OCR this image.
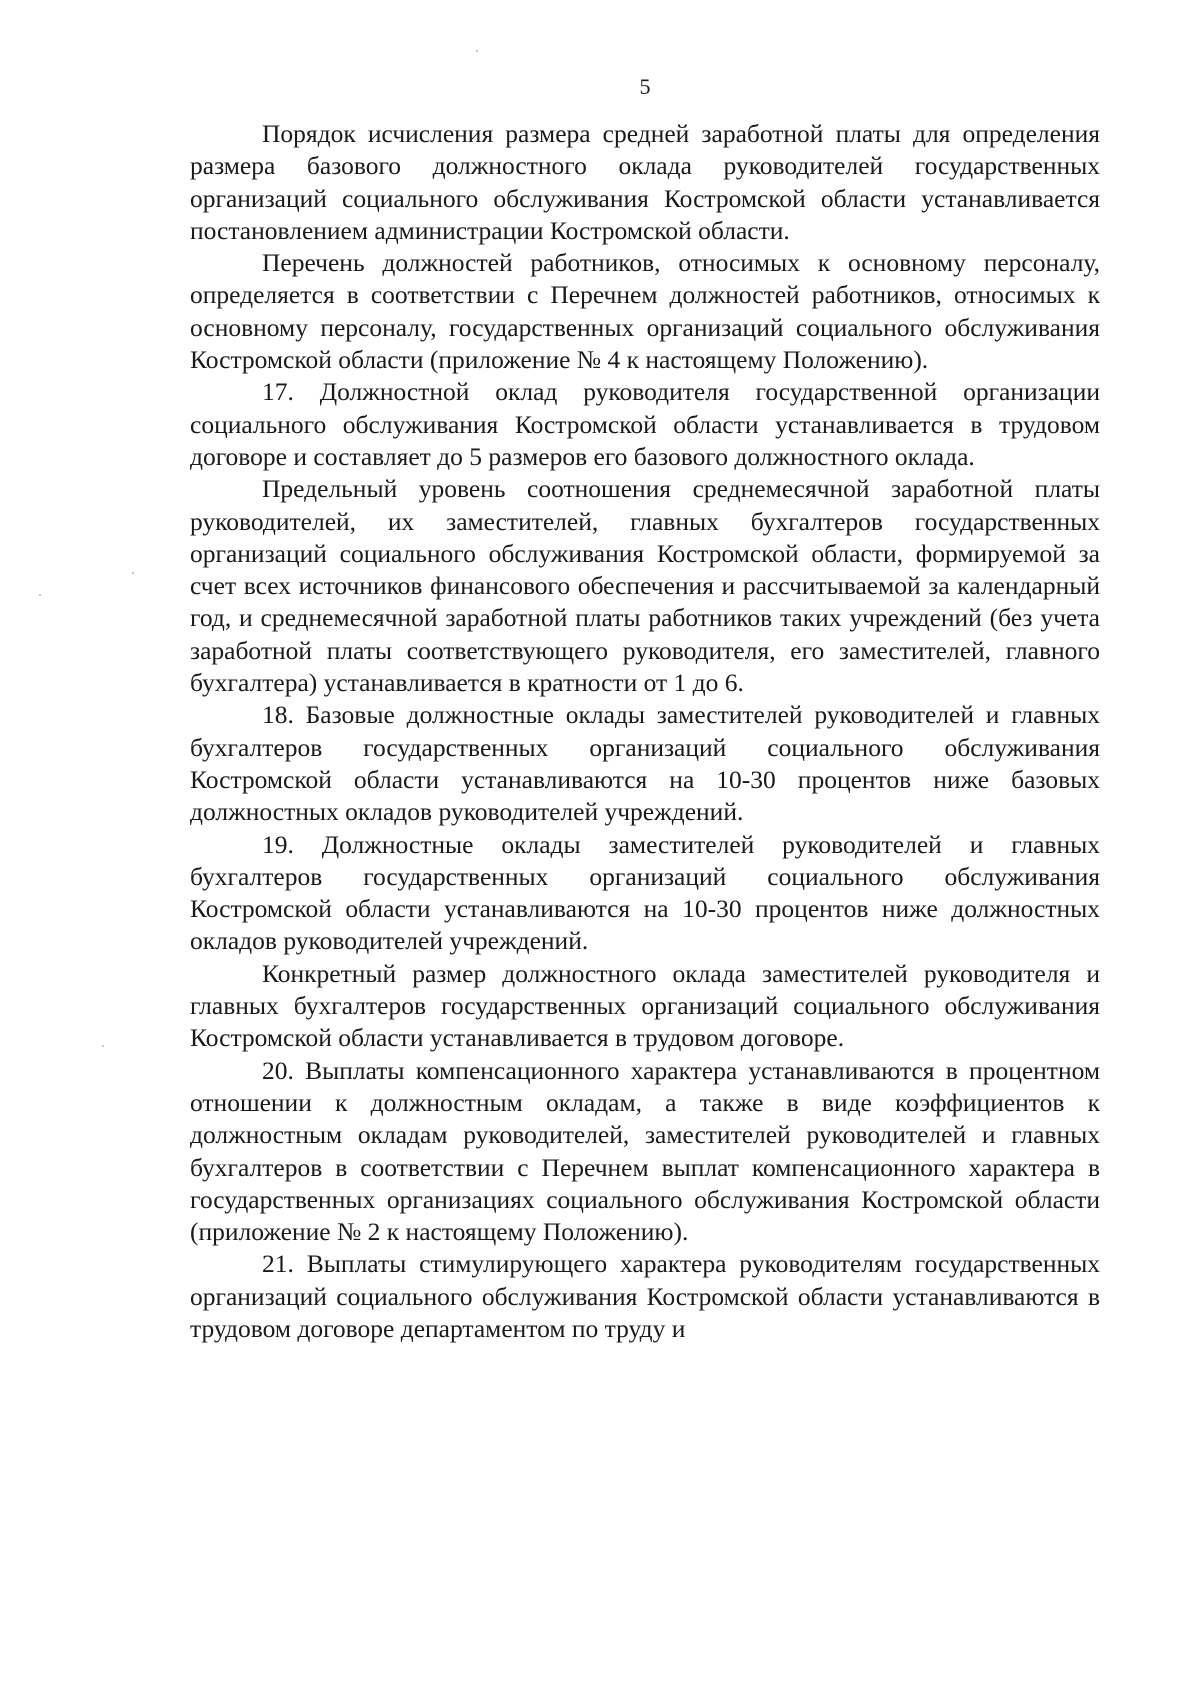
5

Порядок исчисления размера средней заработной платы для определения размера базового должностного оклада руководителей государственных организаций социального обслуживания Костромской области устанавливается постановлением администрации Костромской области.

Перечень должностей работников, относимых к основному персоналу, определяется в соответствии с Перечнем должностей работников, относимых к основному персоналу, государственных организаций социального обслуживания Костромской области (приложение № 4 к настоящему Положению).

17. Должностной оклад руководителя государственной организации социального обслуживания Костромской области устанавливается в трудовом договоре и составляет до 5 размеров его базового должностного оклада.

Предельный уровень соотношения среднемесячной заработной платы руководителей, их заместителей, главных бухгалтеров государственных организаций социального обслуживания Костромской области, формируемой за счет всех источников финансового обеспечения и рассчитываемой за календарный год, и среднемесячной заработной платы работников таких учреждений (без учета заработной платы соответствующего руководителя, его заместителей, главного бухгалтера) устанавливается в кратности от 1 до 6.

18. Базовые должностные оклады заместителей руководителей и главных бухгалтеров государственных организаций социального обслуживания Костромской области устанавливаются на 10-30 процентов ниже базовых должностных окладов руководителей учреждений.

19. Должностные оклады заместителей руководителей и главных бухгалтеров государственных организаций социального обслуживания Костромской области устанавливаются на 10-30 процентов ниже должностных окладов руководителей учреждений.

Конкретный размер должностного оклада заместителей руководителя и главных бухгалтеров государственных организаций социального обслуживания Костромской области устанавливается в трудовом договоре.

20. Выплаты компенсационного характера устанавливаются в процентном отношении к должностным окладам, а также в виде коэффициентов к должностным окладам руководителей, заместителей руководителей и главных бухгалтеров в соответствии с Перечнем выплат компенсационного характера в государственных организациях социального обслуживания Костромской области (приложение № 2 к настоящему Положению).

21. Выплаты стимулирующего характера руководителям государственных организаций социального обслуживания Костромской области устанавливаются в трудовом договоре департаментом по труду и
